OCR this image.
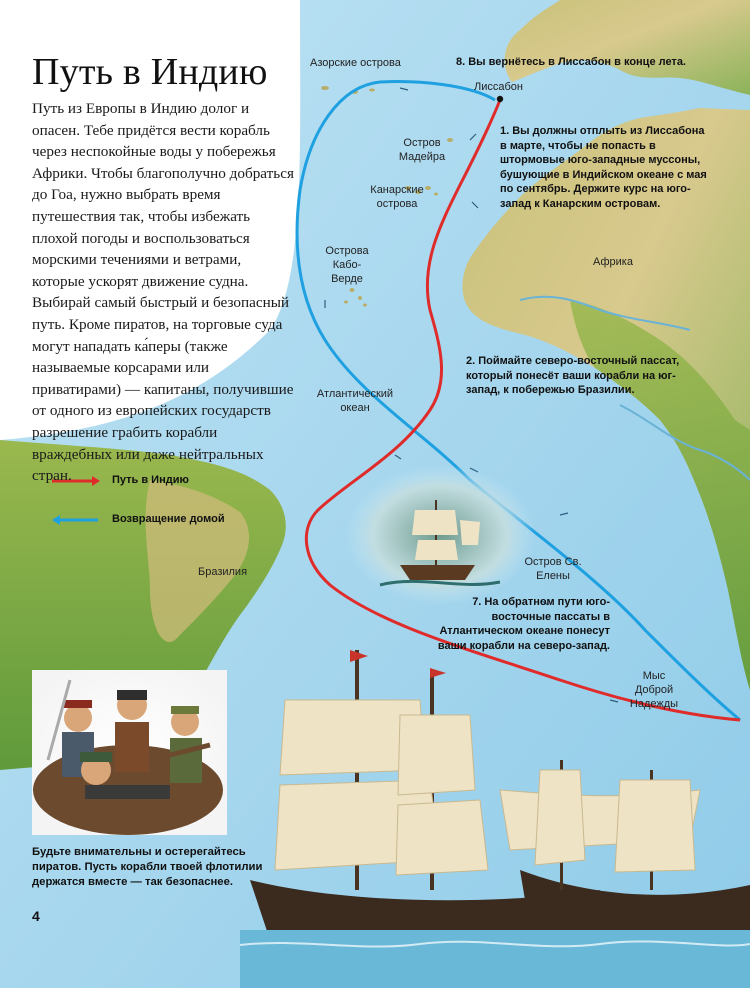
Путь в Индию

Путь из Европы в Индию долог и опасен. Тебе придётся вести корабль через неспокойные воды у побережья Африки. Чтобы благополучно добраться до Гоа, нужно выбрать время путешествия так, чтобы избежать плохой погоды и воспользоваться морскими течениями и ветрами, которые ускорят движение судна. Выбирай самый быстрый и безопасный путь. Кроме пиратов, на торговые суда могут нападать ка́перы (также называемые корсарами или приватирами) — капитаны, получившие от одного из европейских государств разрешение грабить корабли враждебных или даже нейтральных стран.	Путь в Индию
Возвращение домой
Азорские острова
Лиссабон
Остров Мадейра
Канарские острова
Острова Кабо-Верде
Африка
Атлантический океан
Бразилия
Остров Св. Елены
Мыс Доброй Надежды
8. Вы вернётесь в Лиссабон в конце лета.
1. Вы должны отплыть из Лиссабона в марте, чтобы не попасть в штормовые юго-западные муссоны, бушующие в Индийском океане с мая по сентябрь. Держите курс на юго-запад к Канарским островам.
2. Поймайте северо-восточный пассат, который понесёт ваши корабли на юг-запад, к побережью Бразилии.
7. На обратном пути юго-восточные пассаты в Атлантическом океане понесут ваши корабли на северо-запад.

Будьте внимательны и остерегайтесь пиратов. Пусть корабли твоей флотилии держатся вместе — так безопаснее.

4
